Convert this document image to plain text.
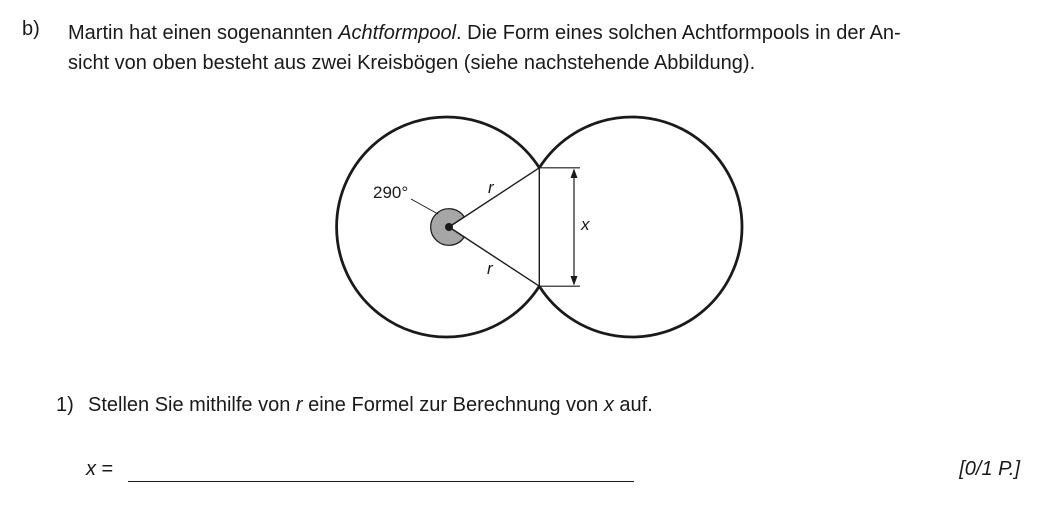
b) Martin hat einen sogenannten Achtformpool. Die Form eines solchen Achtformpools in der An-
sicht von oben besteht aus zwei Kreisbögen (siehe nachstehende Abbildung).
290°	r
r
x
1) Stellen Sie mithilfe von r eine Formel zur Berechnung von x auf.
x =	[0/1 P.]
